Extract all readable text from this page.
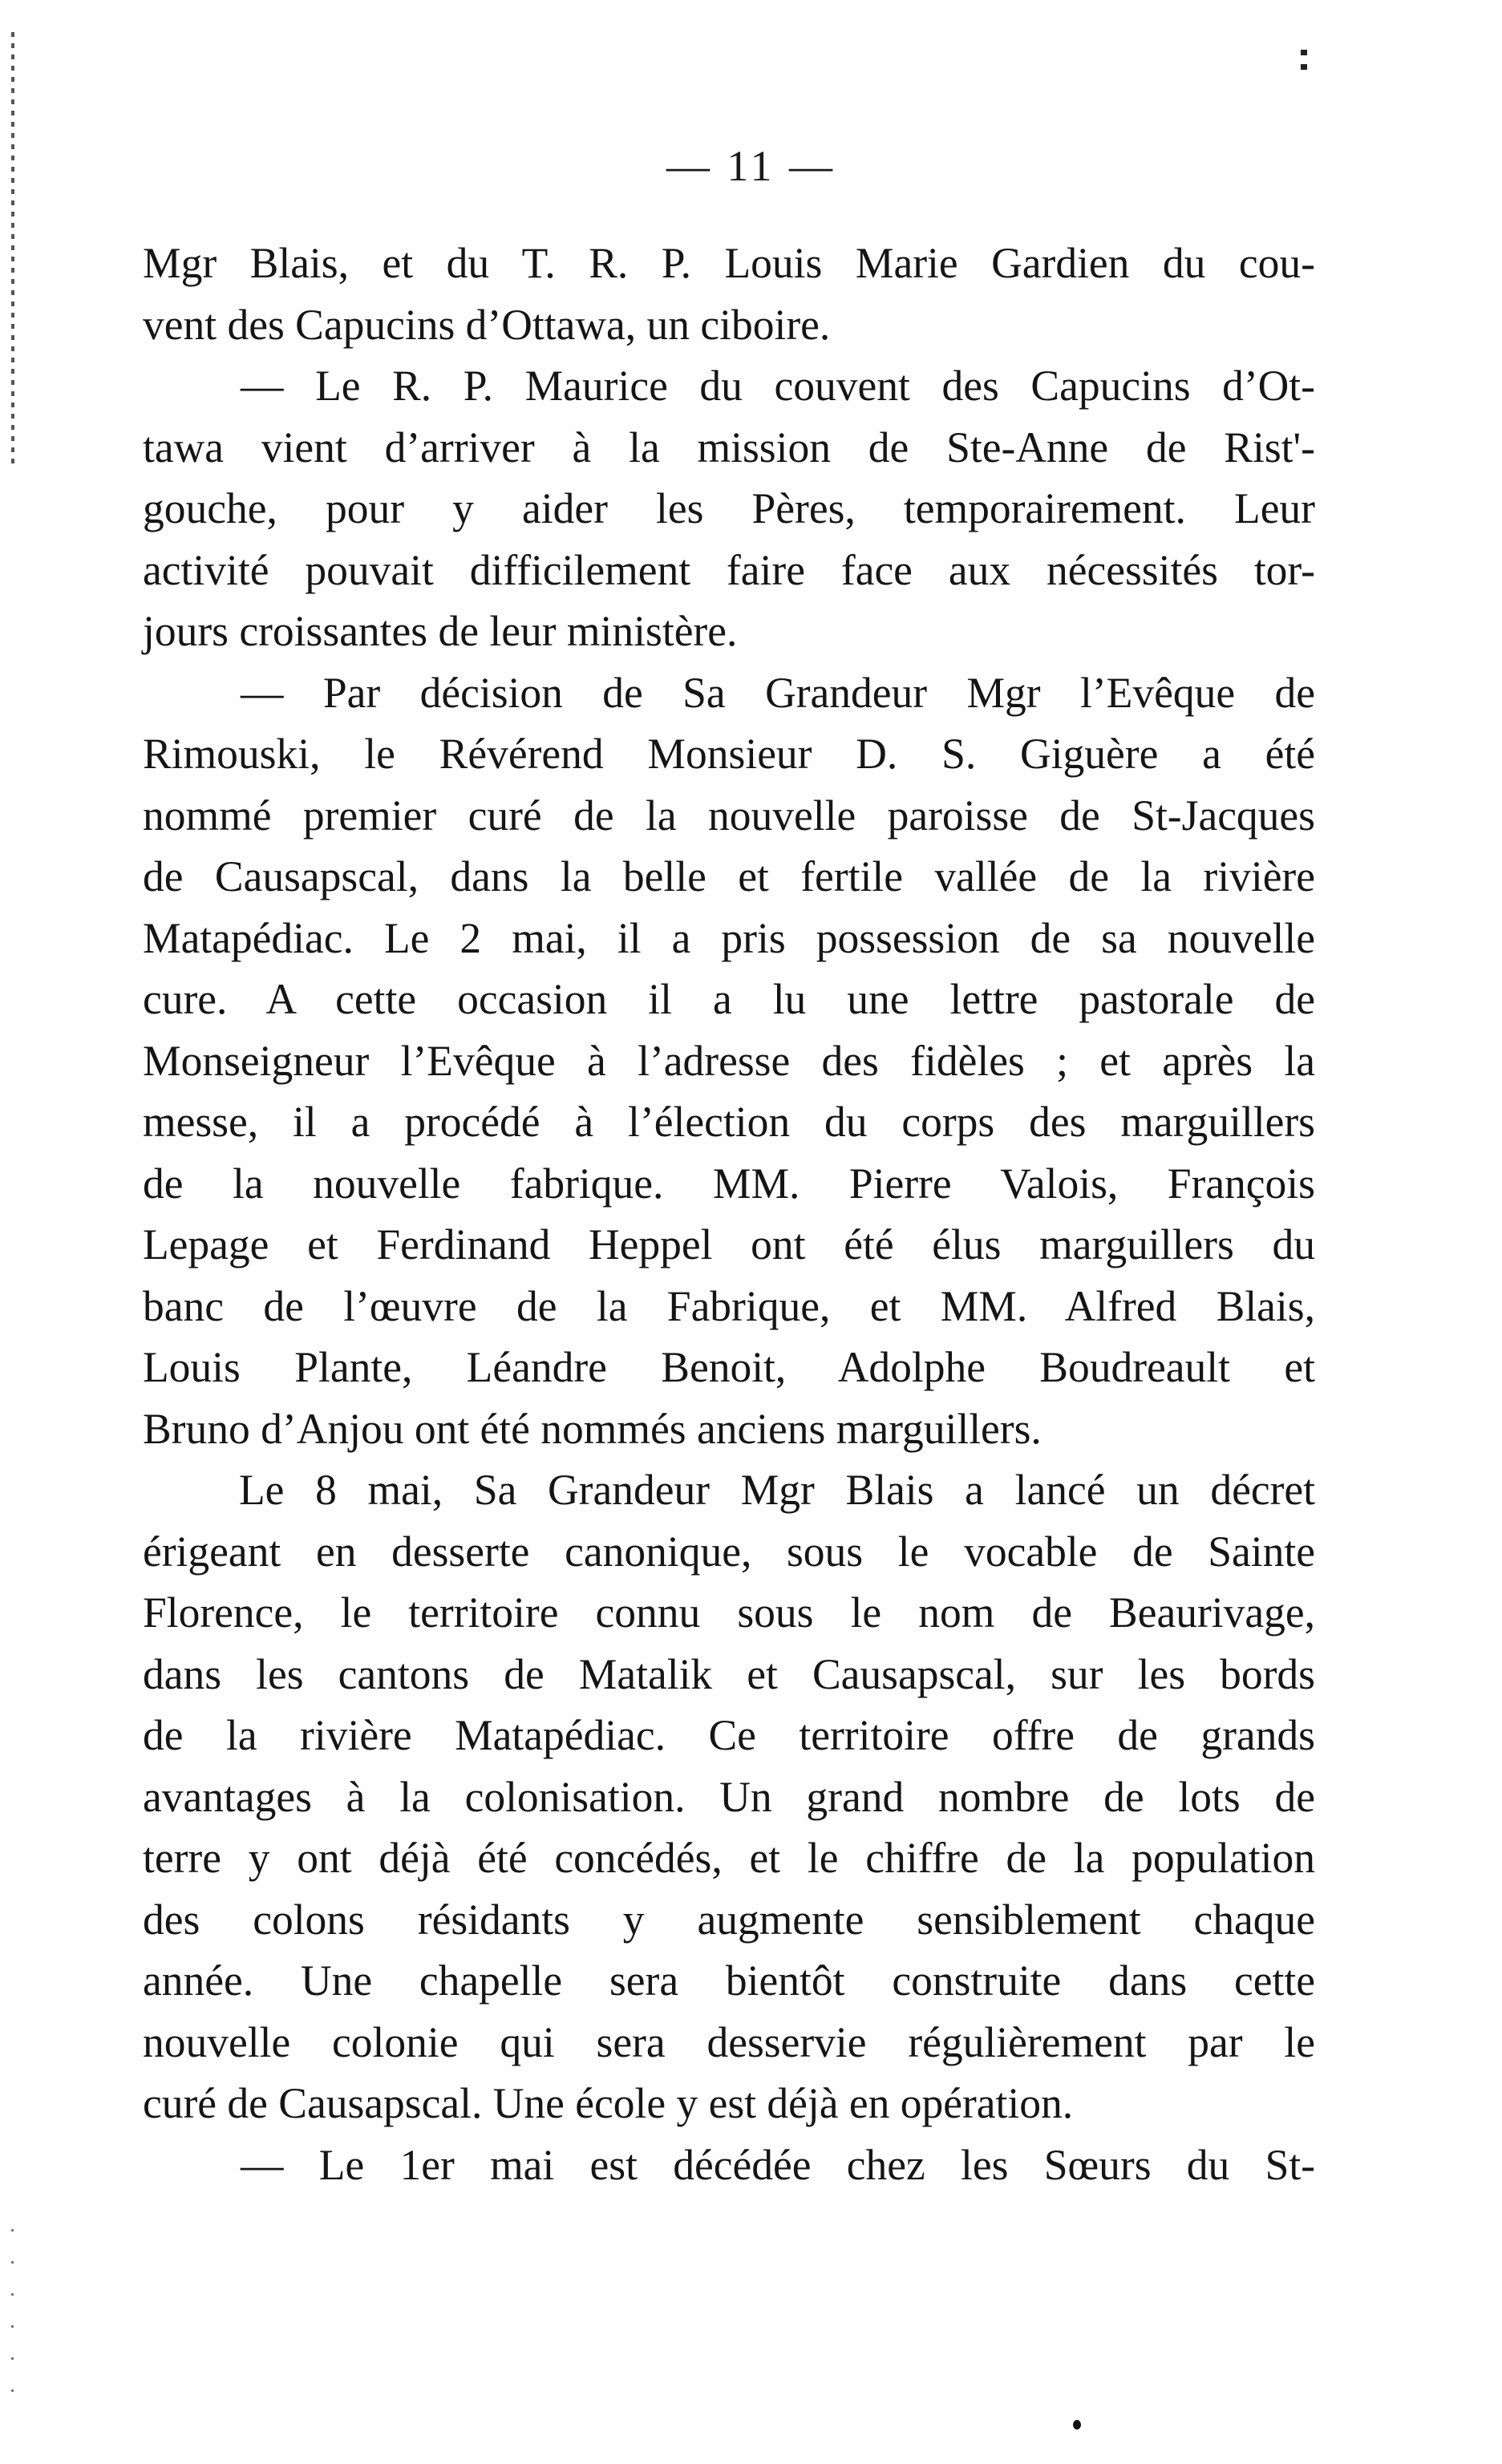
— 11 —
Mgr Blais, et du T. R. P. Louis Marie Gardien du cou-
vent des Capucins d’Ottawa, un ciboire.
— Le R. P. Maurice du couvent des Capucins d’Ot-
tawa vient d’arriver à la mission de Ste-Anne de Rist'-
gouche, pour y aider les Pères, temporairement. Leur
activité pouvait difficilement faire face aux nécessités tor-
jours croissantes de leur ministère.
— Par décision de Sa Grandeur Mgr l’Evêque de
Rimouski, le Révérend Monsieur D. S. Giguère a été
nommé premier curé de la nouvelle paroisse de St-Jacques
de Causapscal, dans la belle et fertile vallée de la rivière
Matapédiac. Le 2 mai, il a pris possession de sa nouvelle
cure. A cette occasion il a lu une lettre pastorale de
Monseigneur l’Evêque à l’adresse des fidèles ; et après la
messe, il a procédé à l’élection du corps des marguillers
de la nouvelle fabrique. MM. Pierre Valois, François
Lepage et Ferdinand Heppel ont été élus marguillers du
banc de l’œuvre de la Fabrique, et MM. Alfred Blais,
Louis Plante, Léandre Benoit, Adolphe Boudreault et
Bruno d’Anjou ont été nommés anciens marguillers.
Le 8 mai, Sa Grandeur Mgr Blais a lancé un décret
érigeant en desserte canonique, sous le vocable de Sainte
Florence, le territoire connu sous le nom de Beaurivage,
dans les cantons de Matalik et Causapscal, sur les bords
de la rivière Matapédiac. Ce territoire offre de grands
avantages à la colonisation. Un grand nombre de lots de
terre y ont déjà été concédés, et le chiffre de la population
des colons résidants y augmente sensiblement chaque
année. Une chapelle sera bientôt construite dans cette
nouvelle colonie qui sera desservie régulièrement par le
curé de Causapscal. Une école y est déjà en opération.
— Le 1er mai est décédée chez les Sœurs du St-
